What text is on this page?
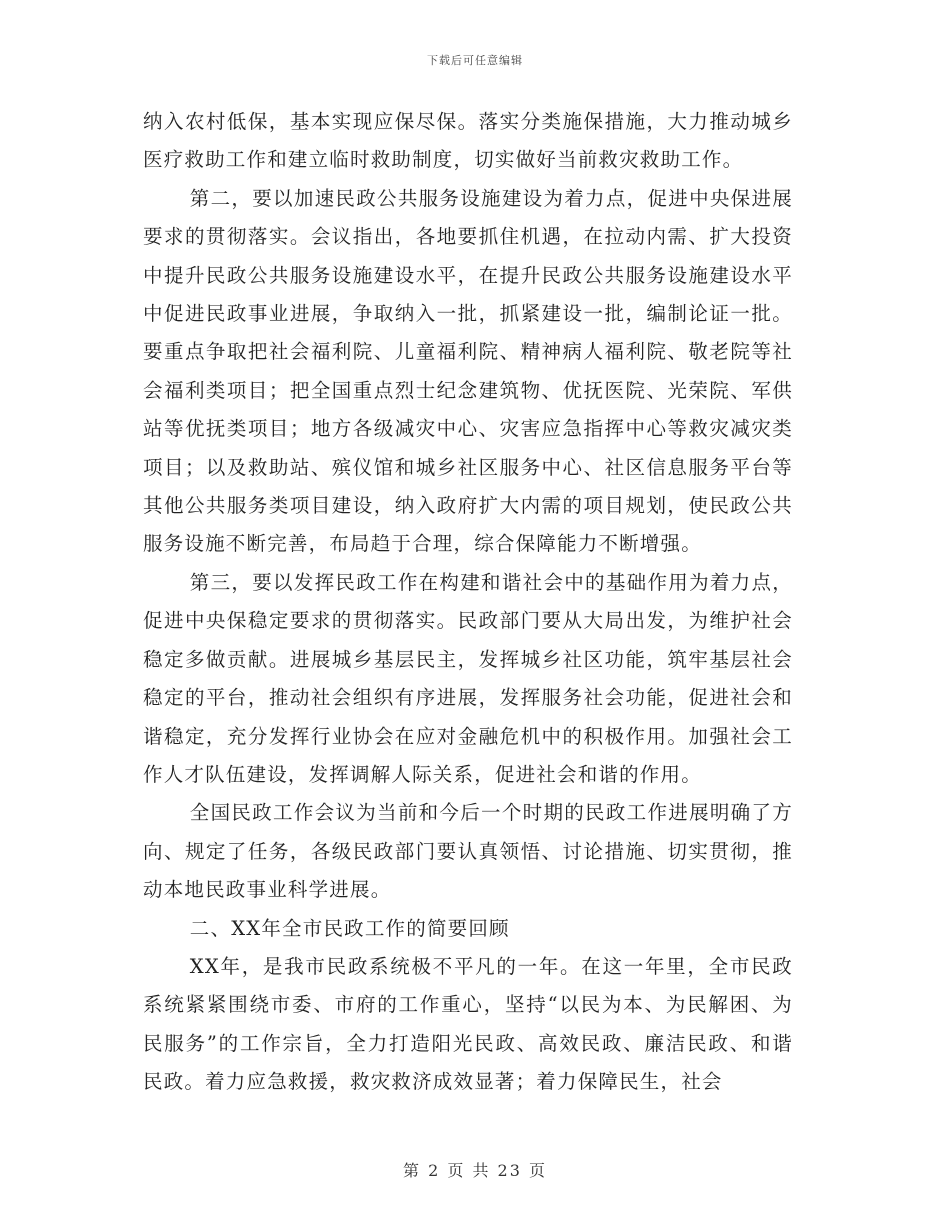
下载后可任意编辑

纳入农村低保，基本实现应保尽保。落实分类施保措施，大力推动城乡医疗救助工作和建立临时救助制度，切实做好当前救灾救助工作。

第二，要以加速民政公共服务设施建设为着力点，促进中央保进展要求的贯彻落实。会议指出，各地要抓住机遇，在拉动内需、扩大投资中提升民政公共服务设施建设水平，在提升民政公共服务设施建设水平中促进民政事业进展，争取纳入一批，抓紧建设一批，编制论证一批。要重点争取把社会福利院、儿童福利院、精神病人福利院、敬老院等社会福利类项目；把全国重点烈士纪念建筑物、优抚医院、光荣院、军供站等优抚类项目；地方各级减灾中心、灾害应急指挥中心等救灾减灾类项目；以及救助站、殡仪馆和城乡社区服务中心、社区信息服务平台等其他公共服务类项目建设，纳入政府扩大内需的项目规划，使民政公共服务设施不断完善，布局趋于合理，综合保障能力不断增强。

第三，要以发挥民政工作在构建和谐社会中的基础作用为着力点，促进中央保稳定要求的贯彻落实。民政部门要从大局出发，为维护社会稳定多做贡献。进展城乡基层民主，发挥城乡社区功能，筑牢基层社会稳定的平台，推动社会组织有序进展，发挥服务社会功能，促进社会和谐稳定，充分发挥行业协会在应对金融危机中的积极作用。加强社会工作人才队伍建设，发挥调解人际关系，促进社会和谐的作用。

全国民政工作会议为当前和今后一个时期的民政工作进展明确了方向、规定了任务，各级民政部门要认真领悟、讨论措施、切实贯彻，推动本地民政事业科学进展。

二、XX年全市民政工作的简要回顾

XX年，是我市民政系统极不平凡的一年。在这一年里，全市民政系统紧紧围绕市委、市府的工作重心，坚持“以民为本、为民解困、为民服务”的工作宗旨，全力打造阳光民政、高效民政、廉洁民政、和谐民政。着力应急救援，救灾救济成效显著；着力保障民生，社会

第 2 页 共 23 页
